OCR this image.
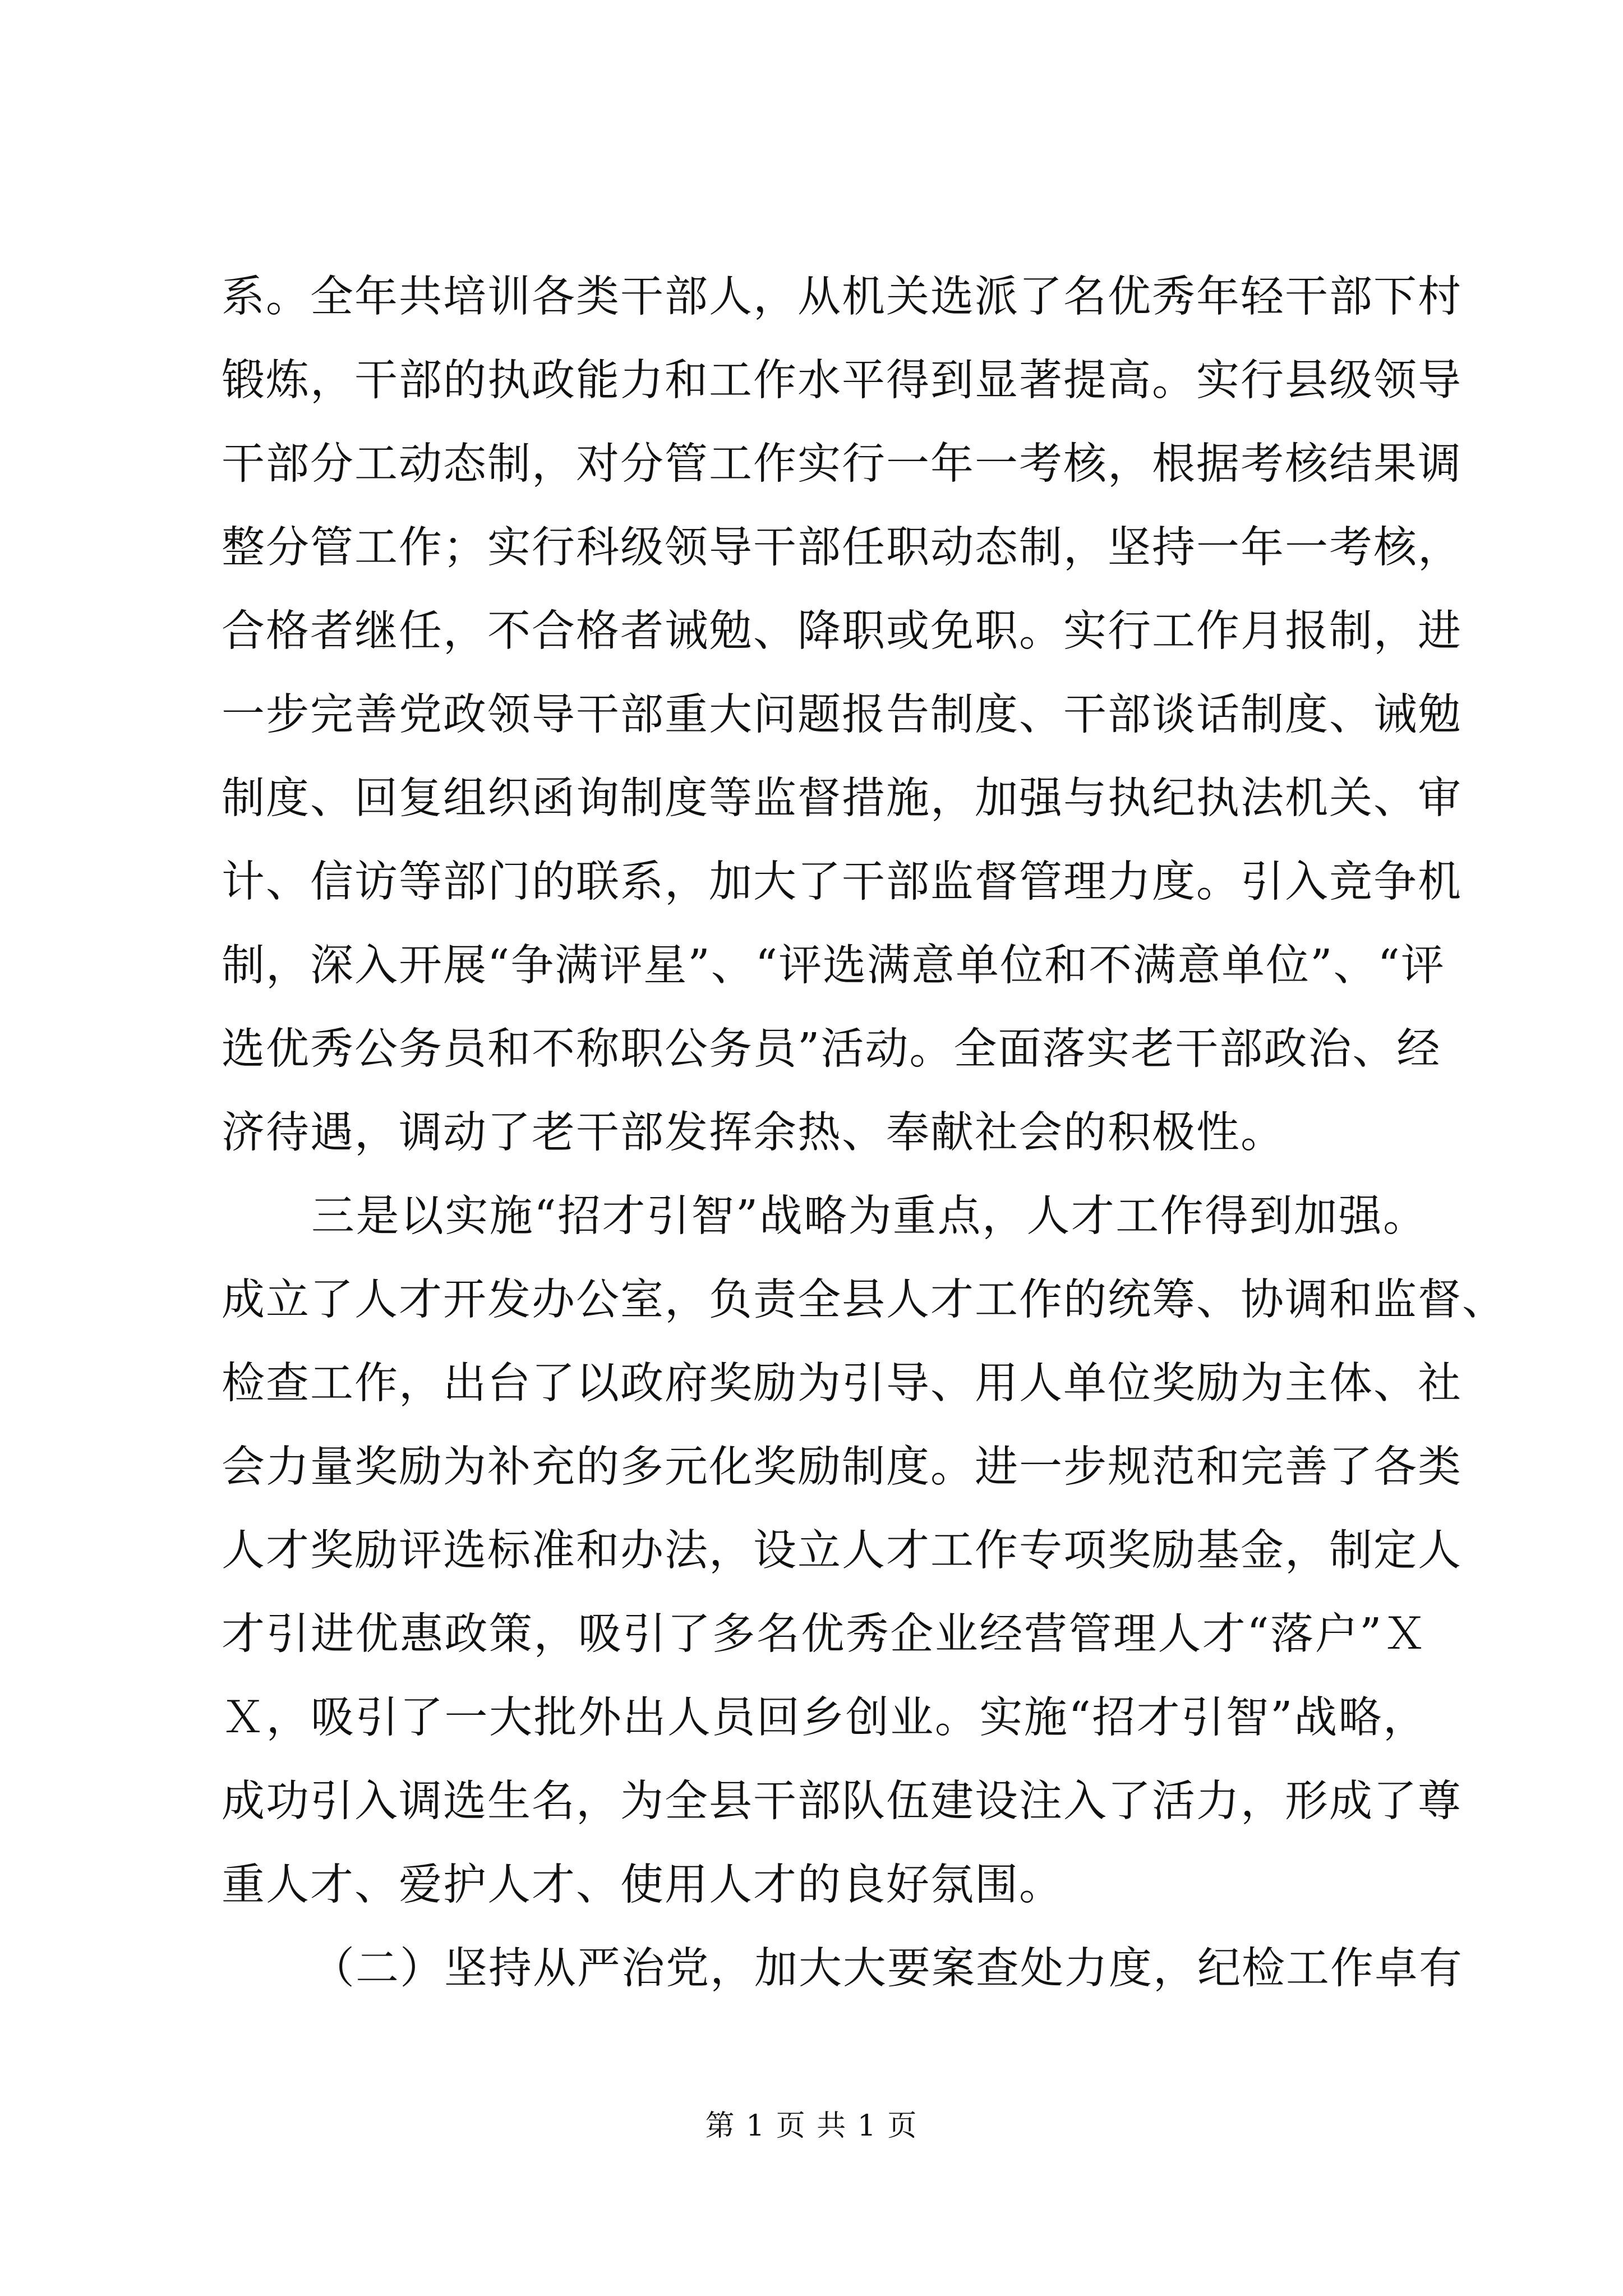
系。全年共培训各类干部人，从机关选派了名优秀年轻干部下村
锻炼，干部的执政能力和工作水平得到显著提高。实行县级领导
干部分工动态制，对分管工作实行一年一考核，根据考核结果调
整分管工作；实行科级领导干部任职动态制，坚持一年一考核，
合格者继任，不合格者诫勉、降职或免职。实行工作月报制，进
一步完善党政领导干部重大问题报告制度、干部谈话制度、诫勉
制度、回复组织函询制度等监督措施，加强与执纪执法机关、审
计、信访等部门的联系，加大了干部监督管理力度。引入竞争机
制，深入开展“争满评星”、“评选满意单位和不满意单位”、“评
选优秀公务员和不称职公务员”活动。全面落实老干部政治、经
济待遇，调动了老干部发挥余热、奉献社会的积极性。
三是以实施“招才引智”战略为重点，人才工作得到加强。
成立了人才开发办公室，负责全县人才工作的统筹、协调和监督、
检查工作，出台了以政府奖励为引导、用人单位奖励为主体、社
会力量奖励为补充的多元化奖励制度。进一步规范和完善了各类
人才奖励评选标准和办法，设立人才工作专项奖励基金，制定人
才引进优惠政策，吸引了多名优秀企业经营管理人才“落户”Ｘ
Ｘ，吸引了一大批外出人员回乡创业。实施“招才引智”战略，
成功引入调选生名，为全县干部队伍建设注入了活力，形成了尊
重人才、爱护人才、使用人才的良好氛围。
（二）坚持从严治党，加大大要案查处力度，纪检工作卓有
第 1 页 共 1 页
